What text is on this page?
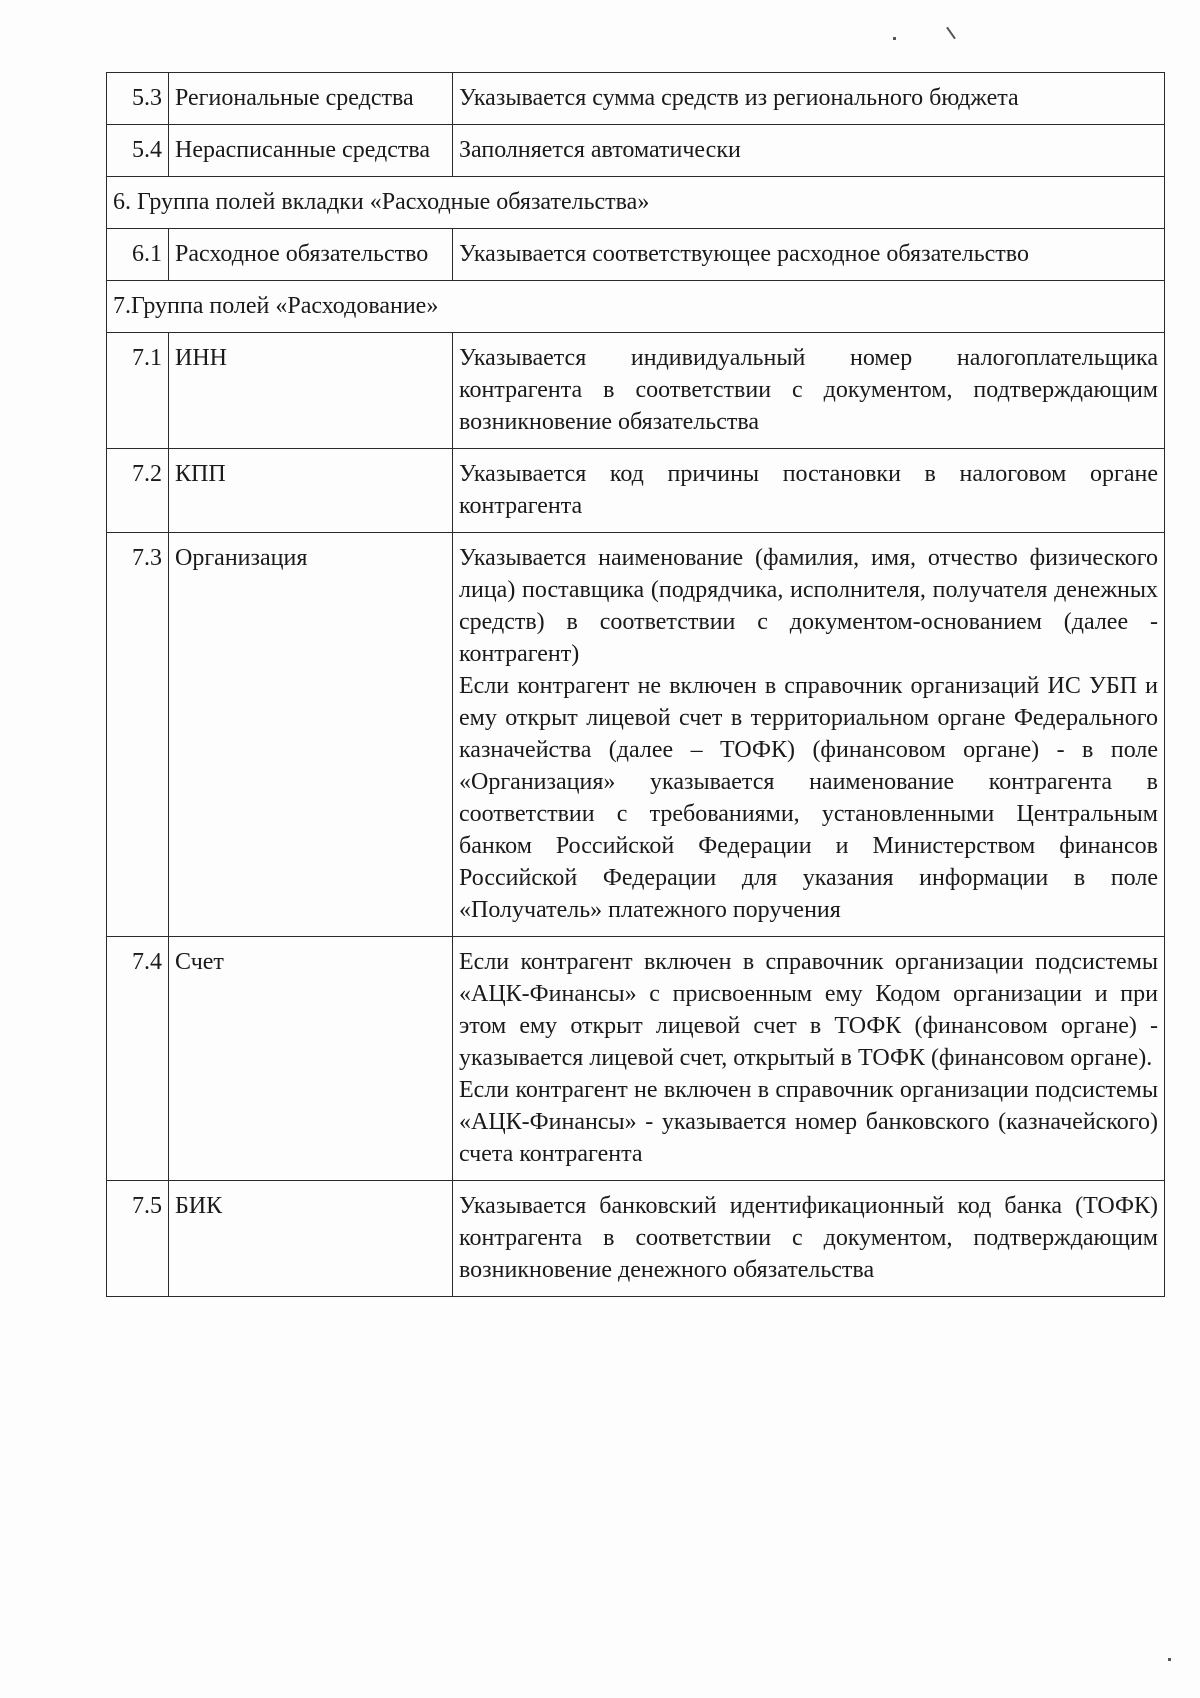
5.3	Региональные средства	Указывается сумма средств из регионального бюджета

5.4	Нерасписанные средства	Заполняется автоматически

6. Группа полей вкладки «Расходные обязательства»		
6.1	Расходное обязательство	Указывается соответствующее расходное обязательство

7.Группа полей «Расходование»		
7.1	ИНН	Указывается индивидуальный номер налогоплательщика контрагента в соответствии с документом, подтверждающим возникновение обязательства

7.2	КПП	Указывается код причины постановки в налоговом органе контрагента

7.3	Организация	Указывается наименование (фамилия, имя, отчество физического лица) поставщика (подрядчика, исполнителя, получателя денежных средств) в соответствии с документом-основанием (далее - контрагент)

Если контрагент не включен в справочник организаций ИС УБП и ему открыт лицевой счет в территориальном органе Федерального казначейства (далее – ТОФК) (финансовом органе) - в поле «Организация» указывается наименование контрагента в соответствии с требованиями, установленными Центральным банком Российской Федерации и Министерством финансов Российской Федерации для указания информации в поле «Получатель» платежного поручения

7.4	Счет	Если контрагент включен в справочник организации подсистемы «АЦК-Финансы» с присвоенным ему Кодом организации и при этом ему открыт лицевой счет в ТОФК (финансовом органе) - указывается лицевой счет, открытый в ТОФК (финансовом органе).

Если контрагент не включен в справочник организации подсистемы «АЦК-Финансы» - указывается номер банковского (казначейского) счета контрагента

7.5	БИК	Указывается банковский идентификационный код банка (ТОФК) контрагента в соответствии с документом, подтверждающим возникновение денежного обязательства
